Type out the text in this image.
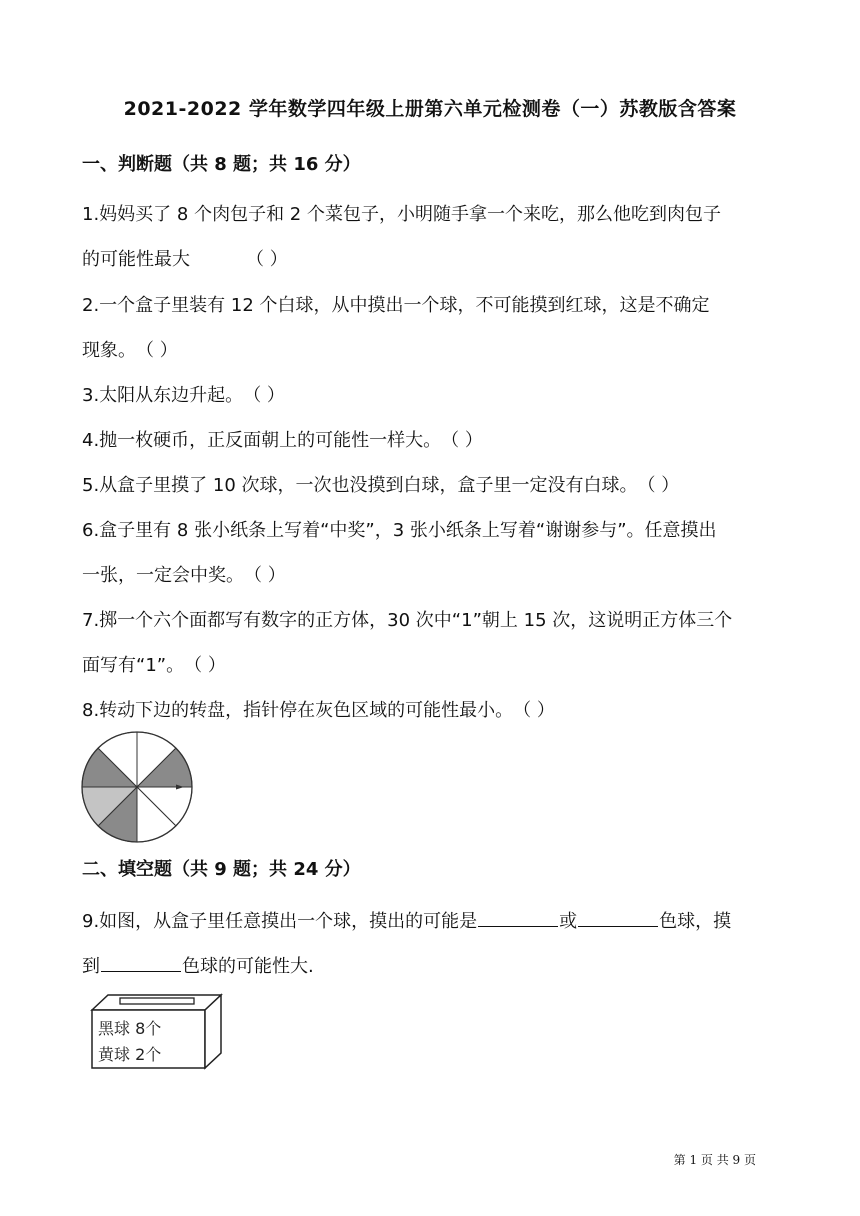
2021-2022 学年数学四年级上册第六单元检测卷（一）苏教版含答案
一、判断题（共 8 题；共 16 分）
1.妈妈买了 8 个肉包子和 2 个菜包子，小明随手拿一个来吃，那么他吃到肉包子
的可能性最大	（ ）
2.一个盒子里装有 12 个白球，从中摸出一个球，不可能摸到红球，这是不确定
现象。（ ）
3.太阳从东边升起。（ ）
4.抛一枚硬币，正反面朝上的可能性一样大。（ ）
5.从盒子里摸了 10 次球，一次也没摸到白球，盒子里一定没有白球。（ ）
6.盒子里有 8 张小纸条上写着“中奖”，3 张小纸条上写着“谢谢参与”。任意摸出
一张，一定会中奖。（ ）
7.掷一个六个面都写有数字的正方体，30 次中“1”朝上 15 次，这说明正方体三个
面写有“1”。（ ）
8.转动下边的转盘，指针停在灰色区域的可能性最小。（ ）
二、填空题（共 9 题；共 24 分）
9.如图，从盒子里任意摸出一个球，摸出的可能是	或	色球，摸
到	色球的可能性大.
黑球 8个
黄球 2个
第 1 页 共 9 页
